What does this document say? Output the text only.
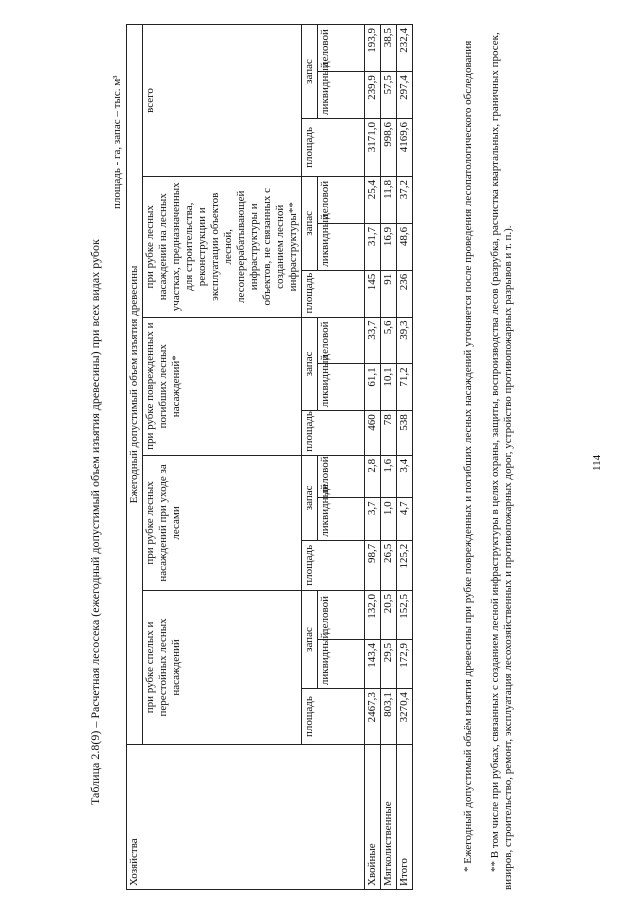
Таблица 2.8(9) – Расчетная лесосека (ежегодный допустимый объем изъятия древесины) при всех видах рубок
площадь - га, запас – тыс. м³
Хозяйства	Ежегодный допустимый объем изъятия древесины														
	при рубке спелых и перестойных лесных насаждений			при рубке лесных насаждений при уходе за лесами			при рубке поврежденных и погибших лесных насаждений*			при рубке лесных насаждений на лесных участках, предназначенных для строительства, реконструкции и эксплуатации объектов лесной, лесоперерабатывающей инфраструктуры и объектов, не связанных с созданием лесной инфраструктуры**			всего		
	площадь	запас		площадь	запас		площадь	запас		площадь	запас		площадь	запас	
		ликвидный	деловой		ликвидный	деловой		ликвидный	деловой		ликвидный	деловой		ликвидный	деловой
Хвойные	2467,3	143,4	132,0	98,7	3,7	2,8	460	61,1	33,7	145	31,7	25,4	3171,0	239,9	193,9
Мягколиственные	803,1	29,5	20,5	26,5	1,0	1,6	78	10,1	5,6	91	16,9	11,8	998,6	57,5	38,5
Итого	3270,4	172,9	152,5	125,2	4,7	3,4	538	71,2	39,3	236	48,6	37,2	4169,6	297,4	232,4
* Ежегодный допустимый объём изъятия древесины при рубке поврежденных и погибших лесных насаждений уточняется после проведения лесопатологического обследования ** В том числе при рубках, связанных с созданием лесной инфраструктуры в целях охраны, защиты, воспроизводства лесов (разрубка, расчистка квартальных, граничных просек, визиров, строительство, ремонт, эксплуатация лесохозяйственных и противопожарных дорог, устройство противопожарных разрывов и т. п.).	114
